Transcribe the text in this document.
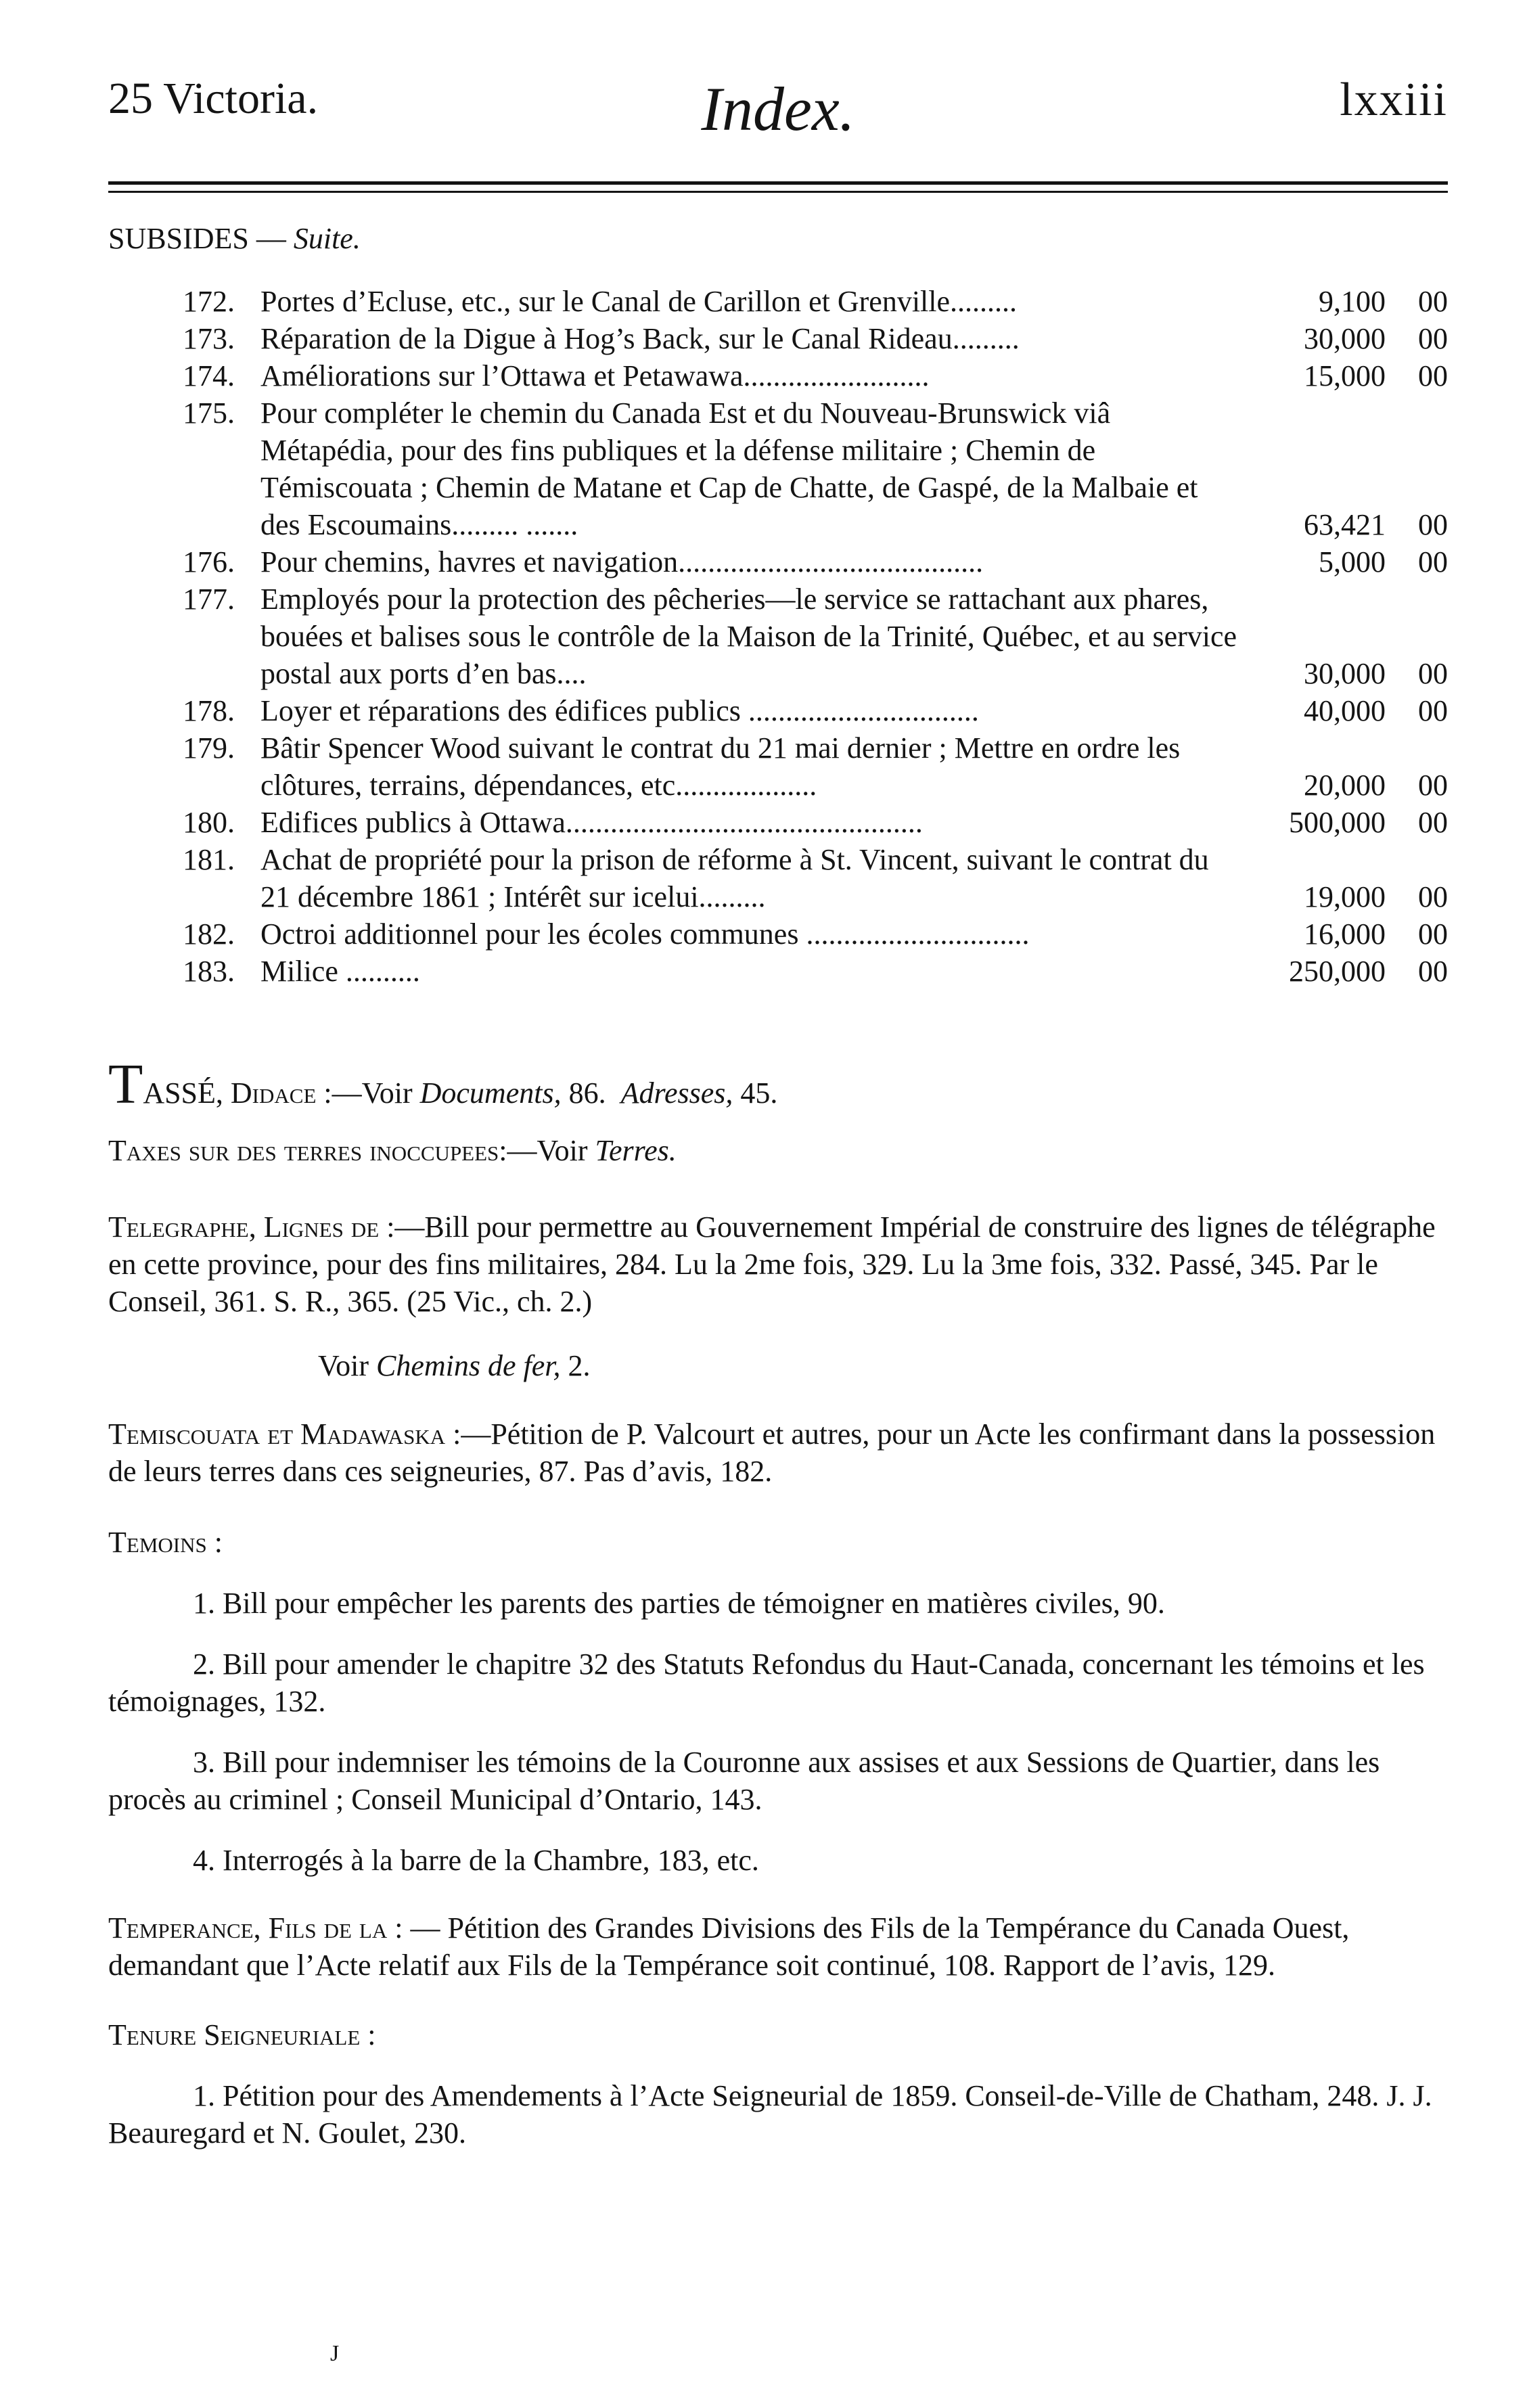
25 Victoria.	Index.	lxxiii
SUBSIDES — Suite.
172. Portes d’Ecluse, etc., sur le Canal de Carillon et Grenville.........	9,100 00
173. Réparation de la Digue à Hog’s Back, sur le Canal Rideau.........	30,000 00
174. Améliorations sur l’Ottawa et Petawawa.........................	15,000 00
175. Pour compléter le chemin du Canada Est et du Nouveau-Brunswick viâ Métapédia, pour des fins publiques et la défense militaire ; Chemin de Témiscouata ; Chemin de Matane et Cap de Chatte, de Gaspé, de la Malbaie et des Escoumains......... .......	63,421 00
176. Pour chemins, havres et navigation.........................................	5,000 00
177. Employés pour la protection des pêcheries—le service se rattachant aux phares, bouées et balises sous le contrôle de la Maison de la Trinité, Québec, et au service postal aux ports d’en bas....	30,000 00
178. Loyer et réparations des édifices publics ...............................	40,000 00
179. Bâtir Spencer Wood suivant le contrat du 21 mai dernier ; Mettre en ordre les clôtures, terrains, dépendances, etc...................	20,000 00
180. Edifices publics à Ottawa................................................	500,000 00
181. Achat de propriété pour la prison de réforme à St. Vincent, suivant le contrat du 21 décembre 1861 ; Intérêt sur icelui.........	19,000 00
182. Octroi additionnel pour les écoles communes ..............................	16,000 00
183. Milice ..........	250,000 00

TASSÉ, Didace :—Voir Documents, 86. Adresses, 45.

Taxes sur des terres inoccupees:—Voir Terres.

Telegraphe, Lignes de :—Bill pour permettre au Gouvernement Impérial de construire des lignes de télégraphe en cette province, pour des fins militaires, 284. Lu la 2me fois, 329. Lu la 3me fois, 332. Passé, 345. Par le Conseil, 361. S. R., 365. (25 Vic., ch. 2.)

Voir Chemins de fer, 2.

Temiscouata et Madawaska :—Pétition de P. Valcourt et autres, pour un Acte les confirmant dans la possession de leurs terres dans ces seigneuries, 87. Pas d’avis, 182.

Temoins :

1. Bill pour empêcher les parents des parties de témoigner en matières civiles, 90.

2. Bill pour amender le chapitre 32 des Statuts Refondus du Haut-Canada, concernant les témoins et les témoignages, 132.

3. Bill pour indemniser les témoins de la Couronne aux assises et aux Sessions de Quartier, dans les procès au criminel ; Conseil Municipal d’Ontario, 143.

4. Interrogés à la barre de la Chambre, 183, etc.

Temperance, Fils de la : — Pétition des Grandes Divisions des Fils de la Tempérance du Canada Ouest, demandant que l’Acte relatif aux Fils de la Tempérance soit continué, 108. Rapport de l’avis, 129.

Tenure Seigneuriale :

1. Pétition pour des Amendements à l’Acte Seigneurial de 1859. Conseil-de-Ville de Chatham, 248. J. J. Beauregard et N. Goulet, 230.

J
